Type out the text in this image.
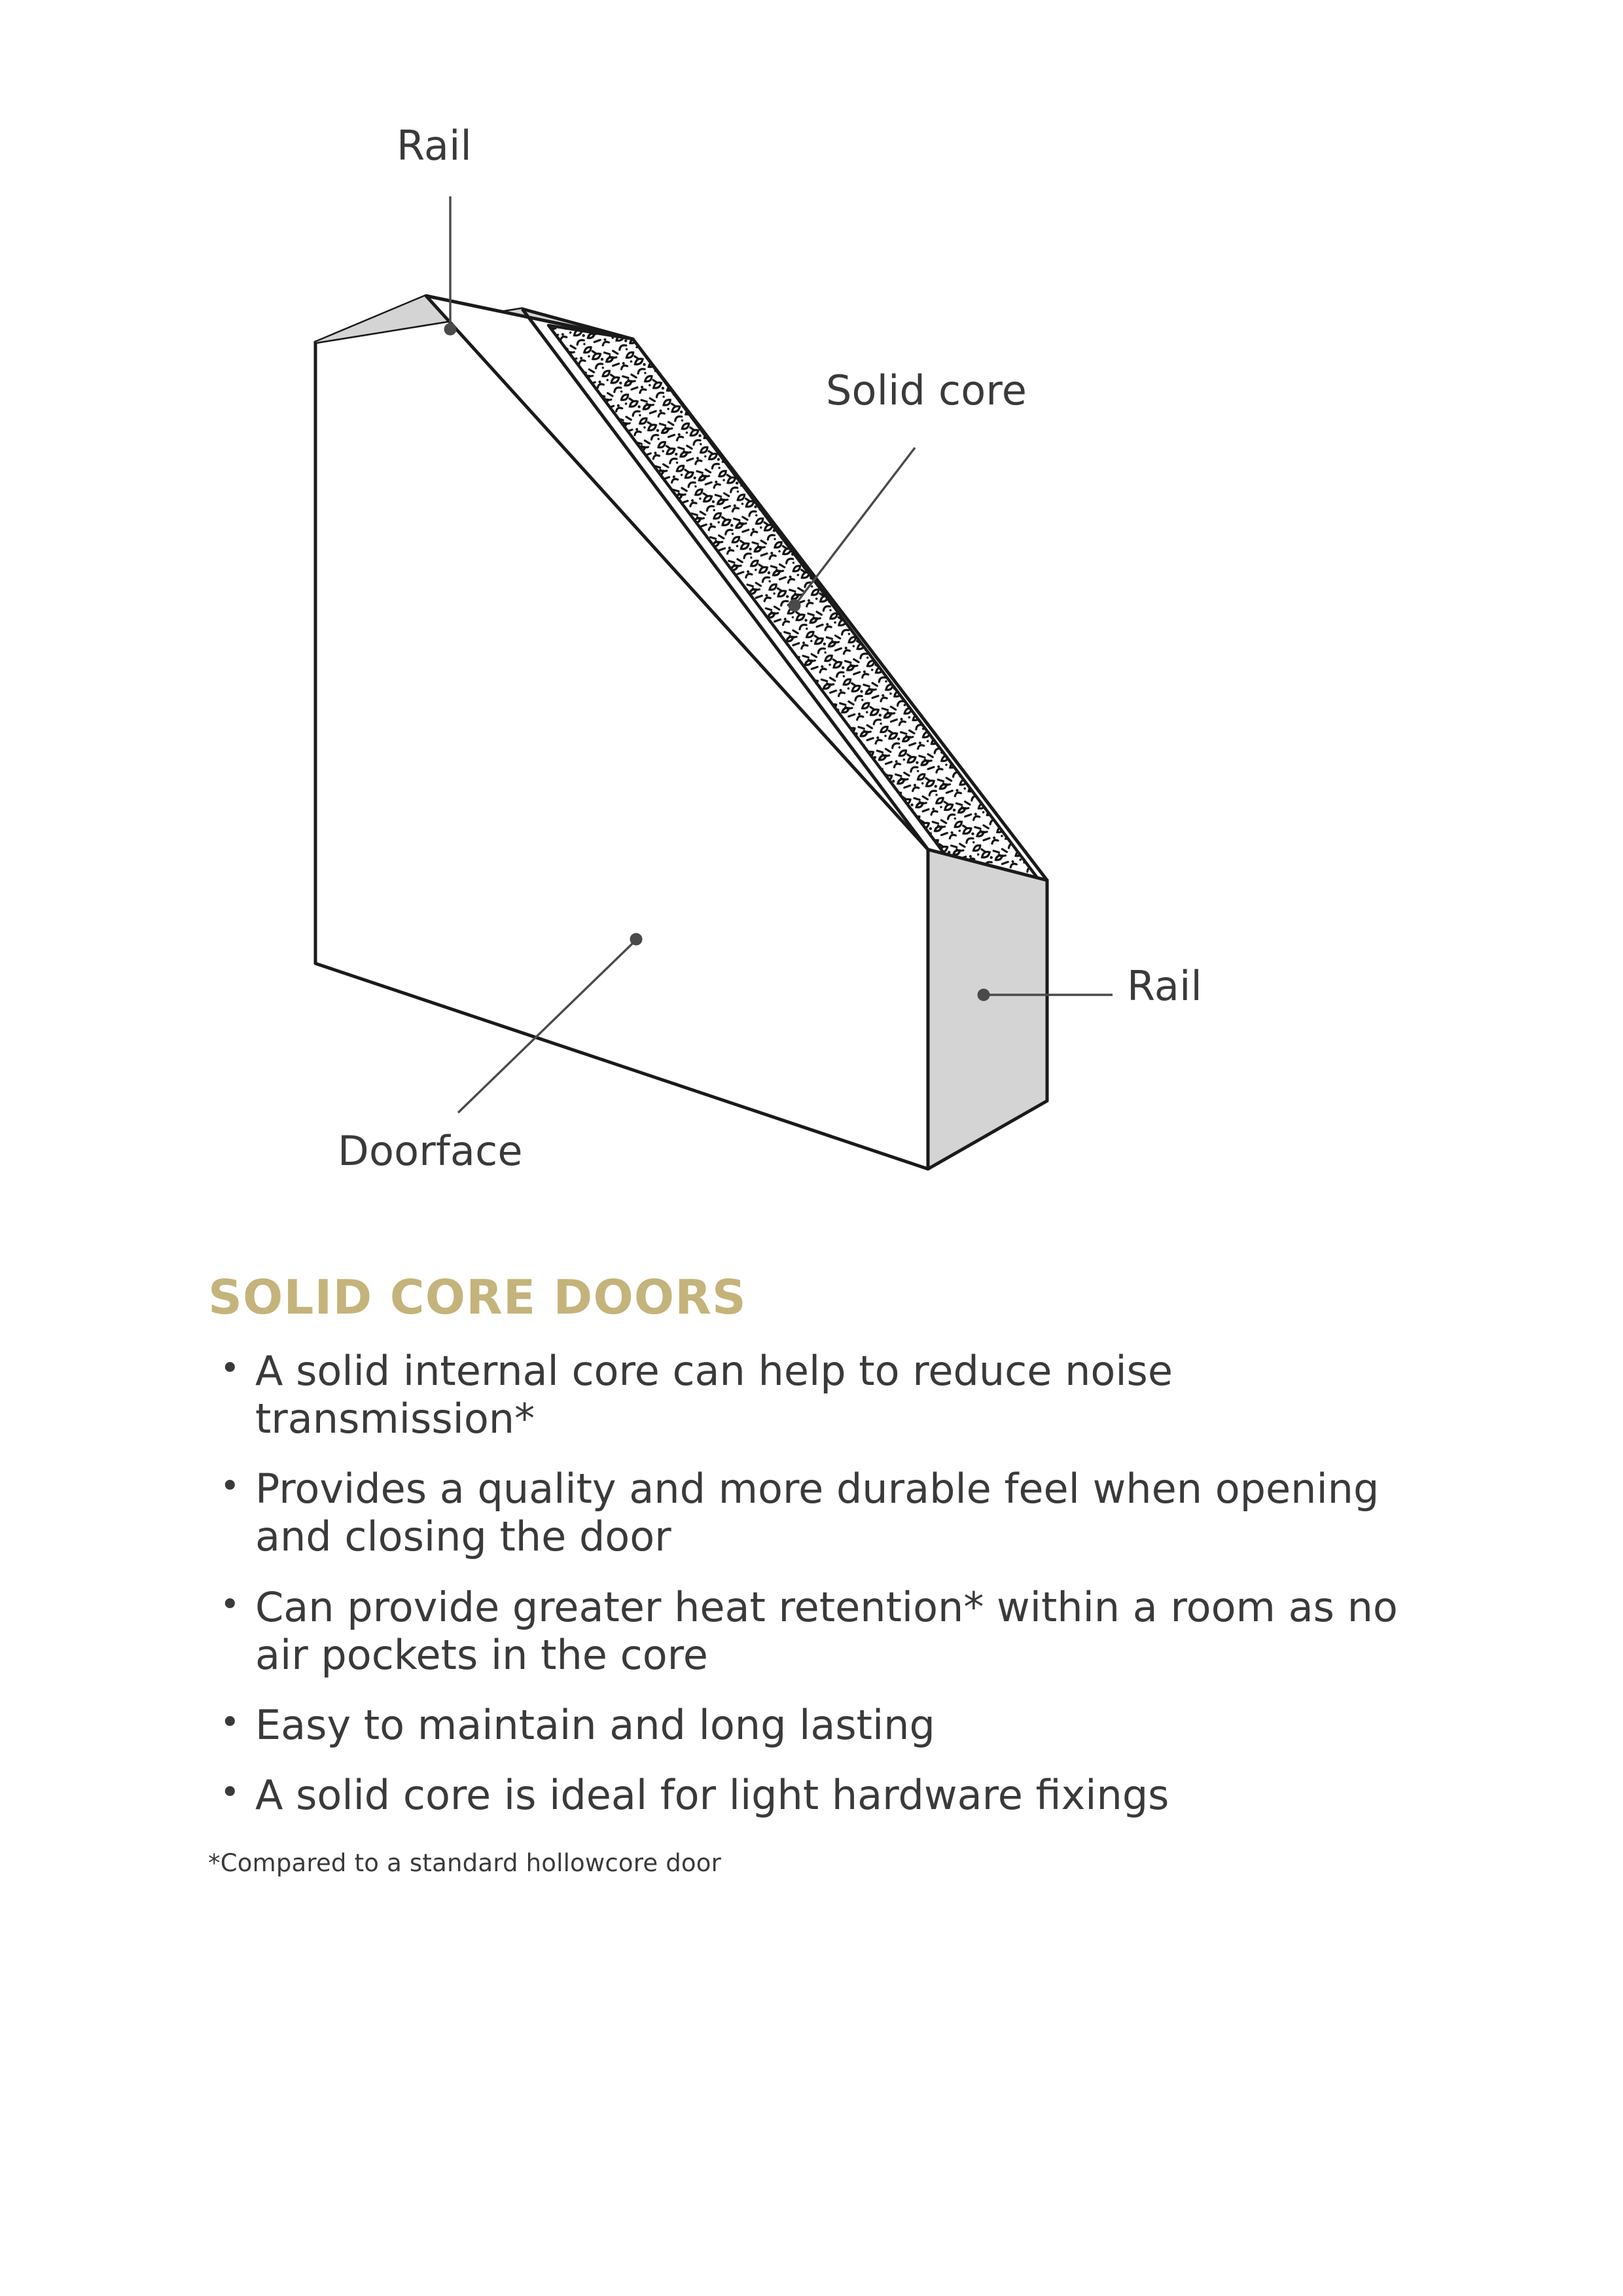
Rail
Solid core
Rail
Doorface
SOLID CORE DOORS
• A solid internal core can help to reduce noise transmission*
• Provides a quality and more durable feel when opening and closing the door
• Can provide greater heat retention* within a room as no air pockets in the core
• Easy to maintain and long lasting
• A solid core is ideal for light hardware fixings
*Compared to a standard hollowcore door
